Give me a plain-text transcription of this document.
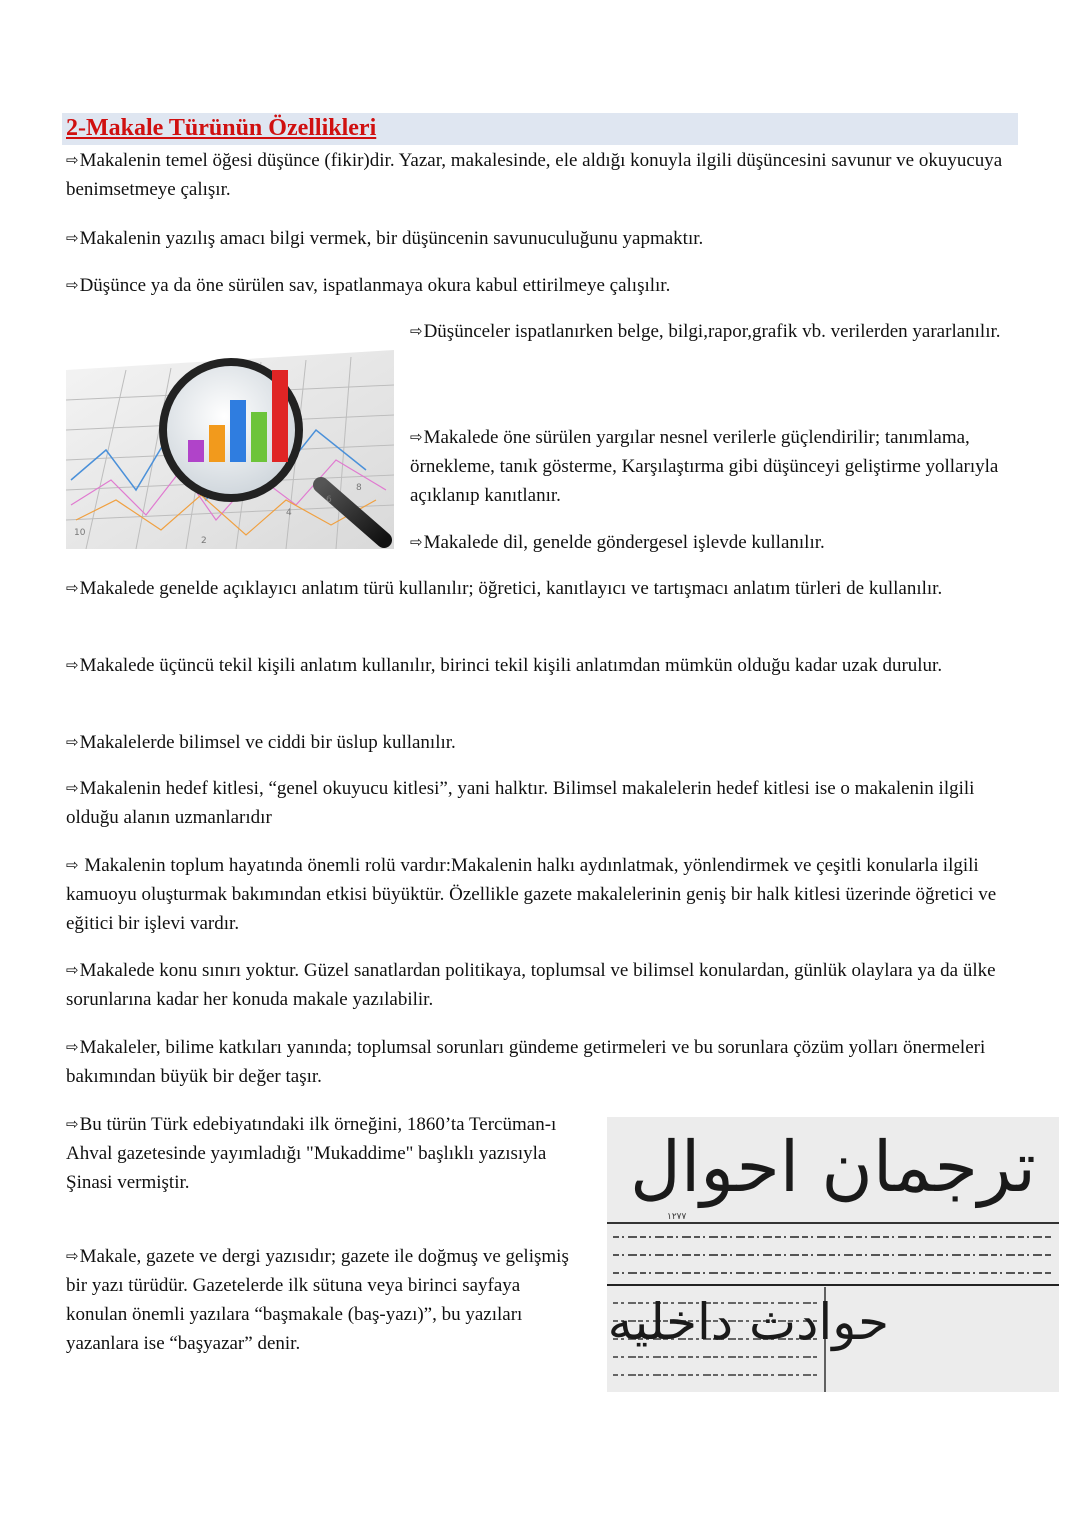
2-Makale Türünün Özellikleri

⇨Makalenin temel öğesi düşünce (fikir)dir. Yazar, makalesinde, ele aldığı konuyla ilgili düşüncesini savunur ve okuyucuya benimsetmeye çalışır.

⇨Makalenin yazılış amacı bilgi vermek, bir düşüncenin savunuculuğunu yapmaktır.

⇨Düşünce ya da öne sürülen sav, ispatlanmaya okura kabul ettirilmeye çalışılır.

10
2
4
6
8

⇨Düşünceler ispatlanırken belge, bilgi,rapor,grafik vb. verilerden yararlanılır.

⇨Makalede öne sürülen yargılar nesnel verilerle güçlendirilir; tanımlama, örnekleme, tanık gösterme, Karşılaştırma gibi düşünceyi geliştirme yollarıyla açıklanıp kanıtlanır.

⇨Makalede dil, genelde göndergesel işlevde kullanılır.

⇨Makalede genelde açıklayıcı anlatım türü kullanılır; öğretici, kanıtlayıcı ve tartışmacı anlatım türleri de kullanılır.

⇨Makalede üçüncü tekil kişili anlatım kullanılır, birinci tekil kişili anlatımdan mümkün olduğu kadar uzak durulur.

⇨Makalelerde bilimsel ve ciddi bir üslup kullanılır.

⇨Makalenin hedef kitlesi, “genel okuyucu kitlesi”, yani halktır. Bilimsel makalelerin hedef kitlesi ise o makalenin ilgili olduğu alanın uzmanlarıdır

⇨ Makalenin toplum hayatında önemli rolü vardır:Makalenin halkı aydınlatmak, yönlendirmek ve çeşitli konularla ilgili kamuoyu oluşturmak bakımından etkisi büyüktür. Özellikle gazete makalelerinin geniş bir halk kitlesi üzerinde öğretici ve eğitici bir işlevi vardır.

⇨Makalede konu sınırı yoktur. Güzel sanatlardan politikaya, toplumsal ve bilimsel konulardan, günlük olaylara ya da ülke sorunlarına kadar her konuda makale yazılabilir.

⇨Makaleler, bilime katkıları yanında; toplumsal sorunları gündeme getirmeleri ve bu sorunlara çözüm yolları önermeleri bakımından büyük bir değer taşır.

⇨Bu türün Türk edebiyatındaki ilk örneğini, 1860’ta Tercüman-ı Ahval gazetesinde yayımladığı "Mukaddime" başlıklı yazısıyla Şinasi vermiştir.

⇨Makale, gazete ve dergi yazısıdır; gazete ile doğmuş ve gelişmiş bir yazı türüdür. Gazetelerde ilk sütuna veya birinci sayfaya konulan önemli yazılara “başmakale (baş-yazı)”, bu yazıları yazanlara ise “başyazar” denir.

ترجمان احوال
١٢٧٧
حوادث داخليه
